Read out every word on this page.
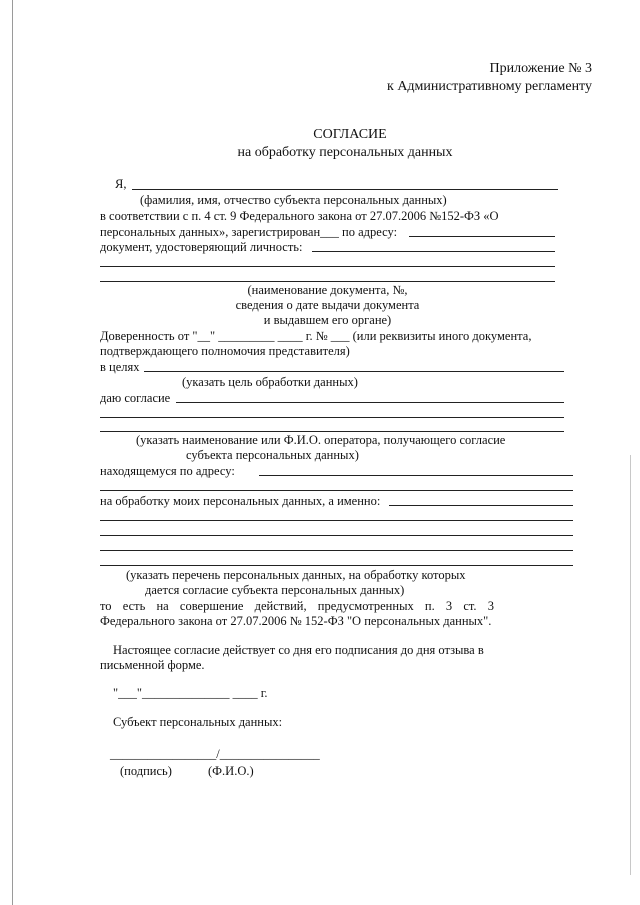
Приложение № 3
к Административному регламенту
СОГЛАСИЕ
на обработку персональных данных
Я,
(фамилия, имя, отчество субъекта персональных данных)
в соответствии с п. 4 ст. 9 Федерального закона от 27.07.2006 №152-ФЗ «О
персональных данных», зарегистрирован___ по адресу:
документ, удостоверяющий личность:
(наименование документа, №,
сведения о дате выдачи документа
и выдавшем его органе)
Доверенность от "__" _________ ____ г. № ___ (или реквизиты иного документа,
подтверждающего полномочия представителя)
в целях
(указать цель обработки данных)
даю согласие
(указать наименование или Ф.И.О. оператора, получающего согласие
субъекта персональных данных)
находящемуся по адресу:
на обработку моих персональных данных, а именно:
(указать перечень персональных данных, на обработку которых
дается согласие субъекта персональных данных)
то есть на совершение действий, предусмотренных п. 3 ст. 3
Федерального закона от 27.07.2006 № 152-ФЗ "О персональных данных".
Настоящее согласие действует со дня его подписания до дня отзыва в
письменной форме.
"___"______________ ____ г.
Субъект персональных данных:
_________________/________________
(подпись)	(Ф.И.О.)
